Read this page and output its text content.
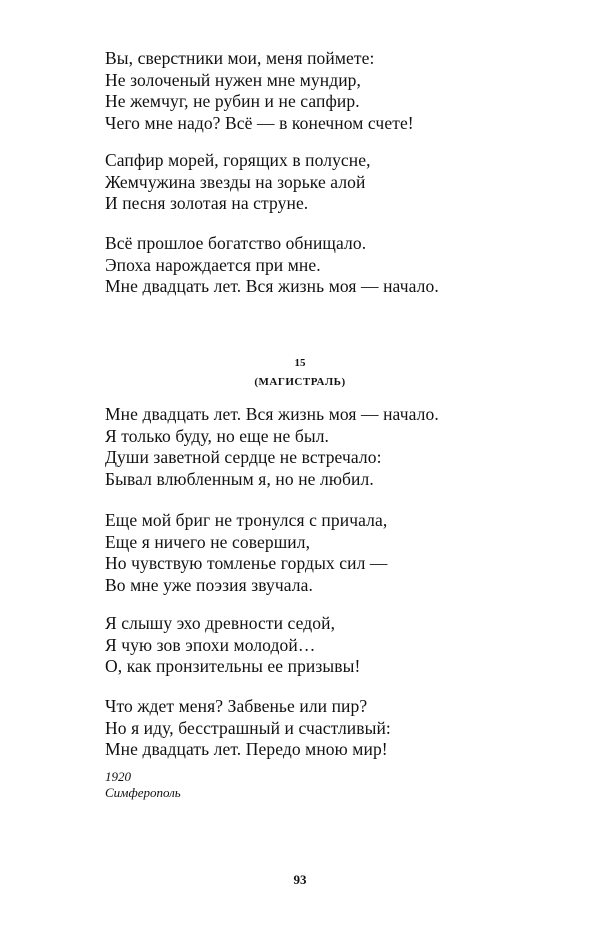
Вы, сверстники мои, меня поймете:
Не золоченый нужен мне мундир,
Не жемчуг, не рубин и не сапфир.
Чего мне надо? Всё — в конечном счете!
Сапфир морей, горящих в полусне,
Жемчужина звезды на зорьке алой
И песня золотая на струне.
Всё прошлое богатство обнищало.
Эпоха нарождается при мне.
Мне двадцать лет. Вся жизнь моя — начало.
15
(МАГИСТРАЛЬ)
Мне двадцать лет. Вся жизнь моя — начало.
Я только буду, но еще не был.
Души заветной сердце не встречало:
Бывал влюбленным я, но не любил.
Еще мой бриг не тронулся с причала,
Еще я ничего не совершил,
Но чувствую томленье гордых сил —
Во мне уже поэзия звучала.
Я слышу эхо древности седой,
Я чую зов эпохи молодой…
О, как пронзительны ее призывы!
Что ждет меня? Забвенье или пир?
Но я иду, бесстрашный и счастливый:
Мне двадцать лет. Передо мною мир!
1920
Симферополь
93
